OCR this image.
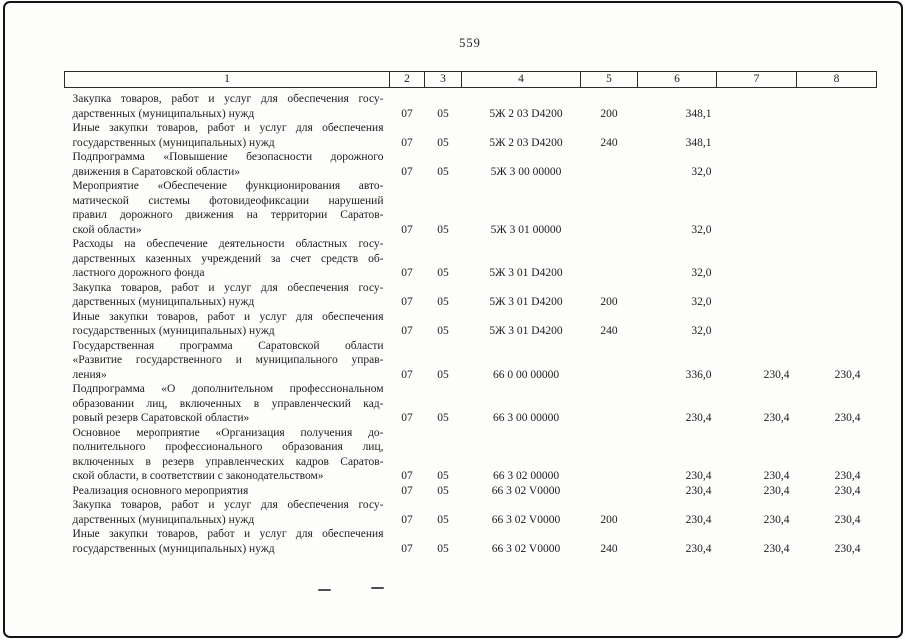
559
1	2	3	4	5	6	7	8

Закупка товаров, работ и услуг для обеспечения госу-
дарственных (муниципальных) нужд	07	05	5Ж 2 03 D4200	200	348,1		

Иные закупки товаров, работ и услуг для обеспечения
государственных (муниципальных) нужд	07	05	5Ж 2 03 D4200	240	348,1		

Подпрограмма «Повышение безопасности дорожного
движения в Саратовской области»	07	05	5Ж 3 00 00000		32,0		

Мероприятие «Обеспечение функционирования авто-
матической системы фотовидеофиксации нарушений
правил дорожного движения на территории Саратов-
ской области»	07	05	5Ж 3 01 00000		32,0		

Расходы на обеспечение деятельности областных госу-
дарственных казенных учреждений за счет средств об-
ластного дорожного фонда	07	05	5Ж 3 01 D4200		32,0		

Закупка товаров, работ и услуг для обеспечения госу-
дарственных (муниципальных) нужд	07	05	5Ж 3 01 D4200	200	32,0		

Иные закупки товаров, работ и услуг для обеспечения
государственных (муниципальных) нужд	07	05	5Ж 3 01 D4200	240	32,0		

Государственная программа Саратовской области
«Развитие государственного и муниципального управ-
ления»	07	05	66 0 00 00000		336,0	230,4	230,4

Подпрограмма «О дополнительном профессиональном
образовании лиц, включенных в управленческий кад-
ровый резерв Саратовской области»	07	05	66 3 00 00000		230,4	230,4	230,4

Основное мероприятие «Организация получения до-
полнительного профессионального образования лиц,
включенных в резерв управленческих кадров Саратов-
ской области, в соответствии с законодательством»	07	05	66 3 02 00000		230,4	230,4	230,4

Реализация основного мероприятия	07	05	66 3 02 V0000		230,4	230,4	230,4

Закупка товаров, работ и услуг для обеспечения госу-
дарственных (муниципальных) нужд	07	05	66 3 02 V0000	200	230,4	230,4	230,4

Иные закупки товаров, работ и услуг для обеспечения
государственных (муниципальных) нужд	07	05	66 3 02 V0000	240	230,4	230,4	230,4
